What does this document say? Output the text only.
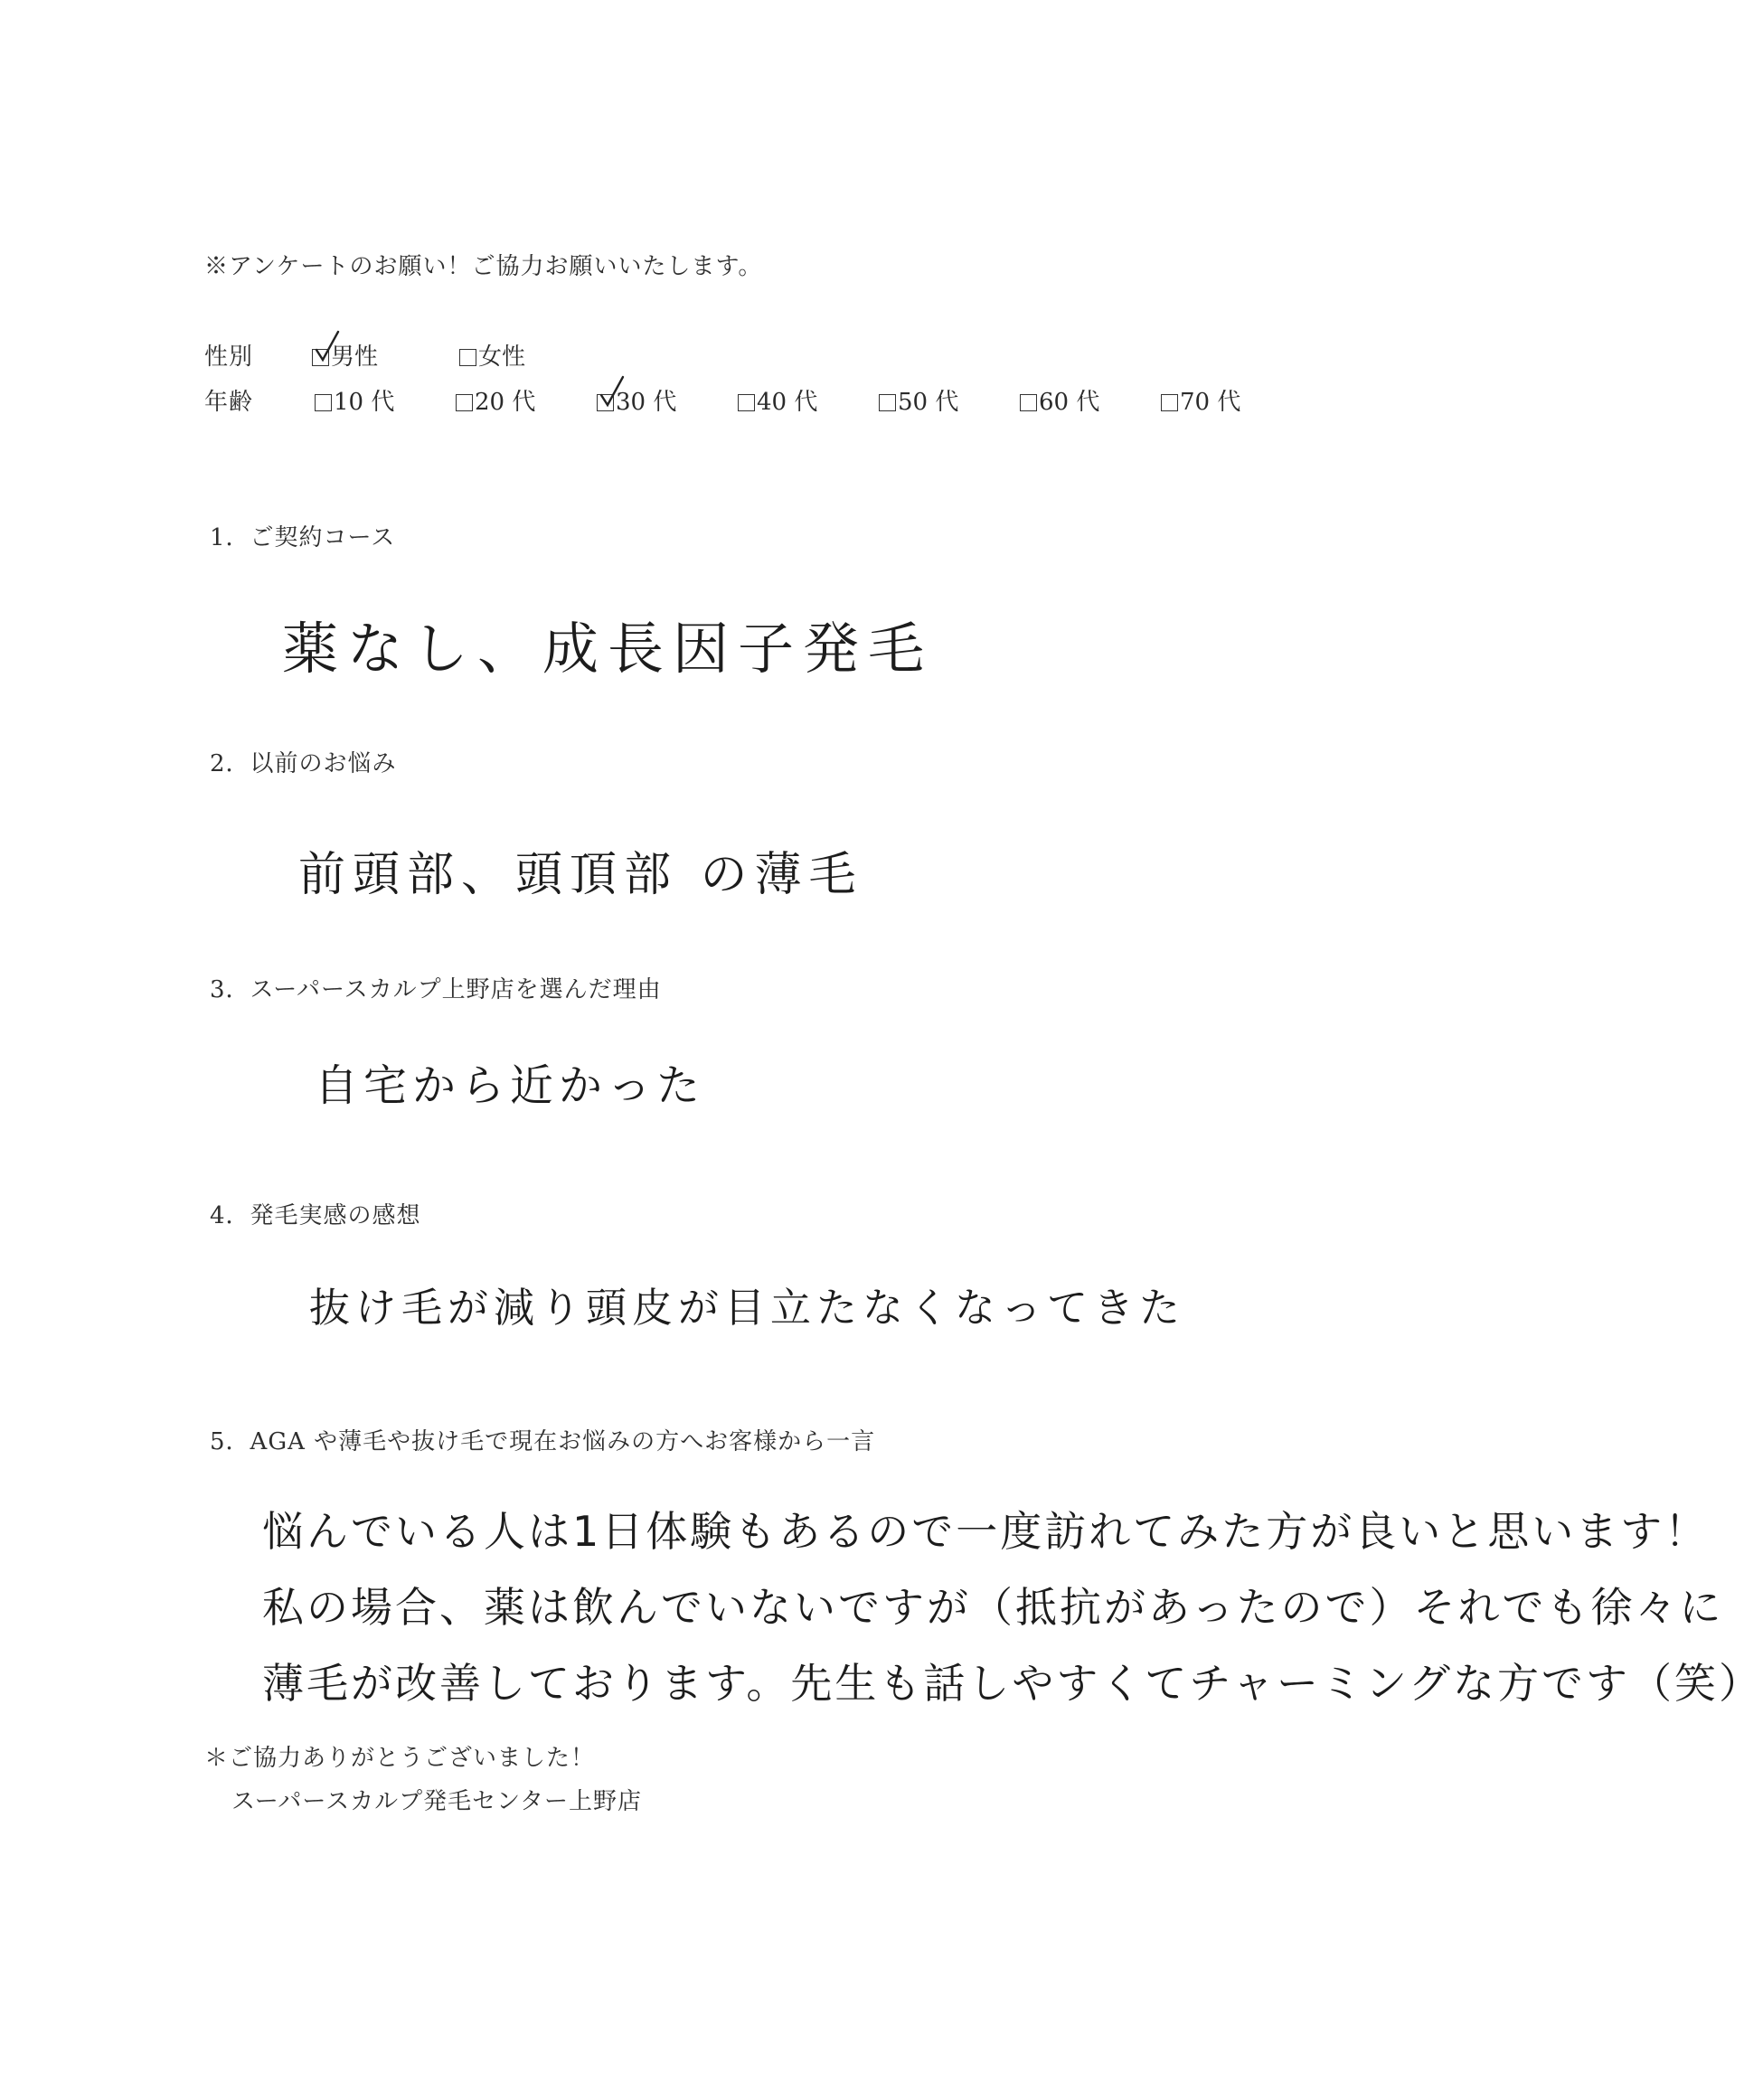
※アンケートのお願い！ご協力お願いいたします。
性別	男性	女性
年齢	10 代	20 代	30 代	40 代	50 代	60 代	70 代
1．ご契約コース
薬なし、成長因子発毛
2．以前のお悩み
前頭部、頭頂部 の薄毛
3．スーパースカルプ上野店を選んだ理由
自宅から近かった
4．発毛実感の感想
抜け毛が減り頭皮が目立たなくなってきた
5．AGA や薄毛や抜け毛で現在お悩みの方へお客様から一言
悩んでいる人は1日体験もあるので一度訪れてみた方が良いと思います！
私の場合、薬は飲んでいないですが（抵抗があったので）それでも徐々に
薄毛が改善しております。先生も話しやすくてチャーミングな方です（笑）
＊ご協力ありがとうございました！
スーパースカルプ発毛センター上野店
